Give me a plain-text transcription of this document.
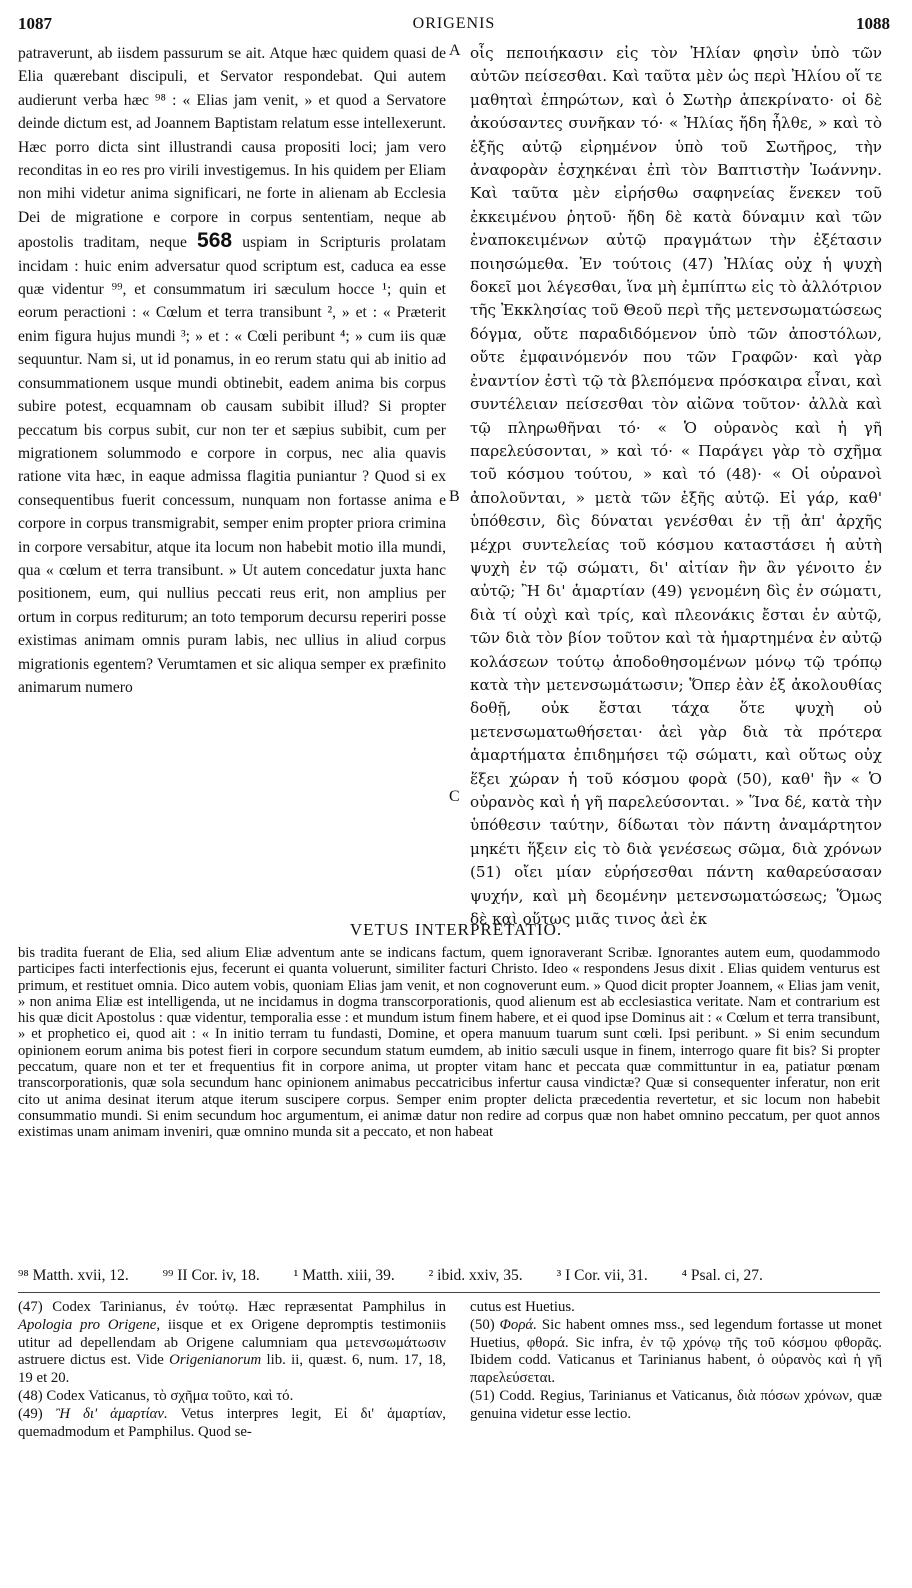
1087	ORIGENIS	1088

patraverunt, ab iisdem passurum se ait. Atque hæc quidem quasi de Elia quærebant discipuli, et Servator respondebat. Qui autem audierunt verba hæc ⁹⁸ : « Elias jam venit, » et quod a Servatore deinde dictum est, ad Joannem Baptistam relatum esse intellexerunt. Hæc porro dicta sint illustrandi causa propositi loci; jam vero reconditas in eo res pro virili investigemus. In his quidem per Eliam non mihi videtur anima significari, ne forte in alienam ab Ecclesia Dei de migratione e corpore in corpus sententiam, neque ab apostolis traditam, neque 568 uspiam in Scripturis prolatam incidam : huic enim adversatur quod scriptum est, caduca ea esse quæ videntur ⁹⁹, et consummatum iri sæculum hocce ¹; quin et eorum peractioni : « Cœlum et terra transibunt ², » et : « Præterit enim figura hujus mundi ³; » et : « Cœli peribunt ⁴; » cum iis quæ sequuntur. Nam si, ut id ponamus, in eo rerum statu qui ab initio ad consummationem usque mundi obtinebit, eadem anima bis corpus subire potest, ecquamnam ob causam subibit illud? Si propter peccatum bis corpus subit, cur non ter et sæpius subibit, cum per migrationem solummodo e corpore in corpus, nec alia quavis ratione vita hæc, in eaque admissa flagitia puniantur ? Quod si ex consequentibus fuerit concessum, nunquam non fortasse anima e corpore in corpus transmigrabit, semper enim propter priora crimina in corpore versabitur, atque ita locum non habebit motio illa mundi, qua « cœlum et terra transibunt. » Ut autem concedatur juxta hanc positionem, eum, qui nullius peccati reus erit, non amplius per ortum in corpus rediturum; an toto temporum decursu reperiri posse existimas animam omnis puram labis, nec ullius in aliud corpus migrationis egentem? Verumtamen et sic aliqua semper ex præfinito animarum numero

A
B
C

οἷς πεποιήκασιν εἰς τὸν Ἠλίαν φησὶν ὑπὸ τῶν αὐτῶν πείσεσθαι. Καὶ ταῦτα μὲν ὡς περὶ Ἠλίου οἵ τε μαθηταὶ ἐπηρώτων, καὶ ὁ Σωτὴρ ἀπεκρίνατο· οἱ δὲ ἀκούσαντες συνῆκαν τό· « Ἠλίας ἤδη ἦλθε, » καὶ τὸ ἑξῆς αὐτῷ εἰρημένον ὑπὸ τοῦ Σωτῆρος, τὴν ἀναφορὰν ἐσχηκέναι ἐπὶ τὸν Βαπτιστὴν Ἰωάννην. Καὶ ταῦτα μὲν εἰρήσθω σαφηνείας ἕνεκεν τοῦ ἐκκειμένου ῥητοῦ· ἤδη δὲ κατὰ δύναμιν καὶ τῶν ἐναποκειμένων αὐτῷ πραγμάτων τὴν ἐξέτασιν ποιησώμεθα. Ἐν τούτοις (47) Ἠλίας οὐχ ἡ ψυχὴ δοκεῖ μοι λέγεσθαι, ἵνα μὴ ἐμπίπτω εἰς τὸ ἀλλότριον τῆς Ἐκκλησίας τοῦ Θεοῦ περὶ τῆς μετενσωματώσεως δόγμα, οὔτε παραδιδόμενον ὑπὸ τῶν ἀποστόλων, οὔτε ἐμφαινόμενόν που τῶν Γραφῶν· καὶ γὰρ ἐναντίον ἐστὶ τῷ τὰ βλεπόμενα πρόσκαιρα εἶναι, καὶ συντέλειαν πείσεσθαι τὸν αἰῶνα τοῦτον· ἀλλὰ καὶ τῷ πληρωθῆναι τό· « Ὁ οὐρανὸς καὶ ἡ γῆ παρελεύσονται, » καὶ τό· « Παράγει γὰρ τὸ σχῆμα τοῦ κόσμου τούτου, » καὶ τό (48)· « Οἱ οὐρανοὶ ἀπολοῦνται, » μετὰ τῶν ἑξῆς αὐτῷ. Εἰ γάρ, καθ' ὑπόθεσιν, δὶς δύναται γενέσθαι ἐν τῇ ἀπ' ἀρχῆς μέχρι συντελείας τοῦ κόσμου καταστάσει ἡ αὐτὴ ψυχὴ ἐν τῷ σώματι, δι' αἰτίαν ἣν ἂν γένοιτο ἐν αὐτῷ; Ἢ δι' ἁμαρτίαν (49) γενομένη δὶς ἐν σώματι, διὰ τί οὐχὶ καὶ τρίς, καὶ πλεονάκις ἔσται ἐν αὐτῷ, τῶν διὰ τὸν βίον τοῦτον καὶ τὰ ἡμαρτημένα ἐν αὐτῷ κολάσεων τούτῳ ἀποδοθησομένων μόνῳ τῷ τρόπῳ κατὰ τὴν μετενσωμάτωσιν; Ὅπερ ἐὰν ἐξ ἀκολουθίας δοθῇ, οὐκ ἔσται τάχα ὅτε ψυχὴ οὐ μετενσωματωθήσεται· ἀεὶ γὰρ διὰ τὰ πρότερα ἁμαρτήματα ἐπιδημήσει τῷ σώματι, καὶ οὕτως οὐχ ἕξει χώραν ἡ τοῦ κόσμου φορὰ (50), καθ' ἣν « Ὁ οὐρανὸς καὶ ἡ γῆ παρελεύσονται. » Ἵνα δέ, κατὰ τὴν ὑπόθεσιν ταύτην, δίδωται τὸν πάντη ἀναμάρτητον μηκέτι ἥξειν εἰς τὸ διὰ γενέσεως σῶμα, διὰ χρόνων (51) οἴει μίαν εὑρήσεσθαι πάντη καθαρεύσασαν ψυχήν, καὶ μὴ δεομένην μετενσωματώσεως; Ὅμως δὲ καὶ οὕτως μιᾶς τινος ἀεὶ ἐκ

VETUS INTERPRETATIO.
bis tradita fuerant de Elia, sed alium Eliæ adventum ante se indicans factum, quem ignoraverant Scribæ. Ignorantes autem eum, quodammodo participes facti interfectionis ejus, fecerunt ei quanta voluerunt, similiter facturi Christo. Ideo « respondens Jesus dixit . Elias quidem venturus est primum, et restituet omnia. Dico autem vobis, quoniam Elias jam venit, et non cognoverunt eum. » Quod dicit propter Joannem, « Elias jam venit, » non anima Eliæ est intelligenda, ut ne incidamus in dogma transcorporationis, quod alienum est ab ecclesiastica veritate. Nam et contrarium est his quæ dicit Apostolus : quæ videntur, temporalia esse : et mundum istum finem habere, et ei quod ipse Dominus ait : « Cœlum et terra transibunt, » et prophetico ei, quod ait : « In initio terram tu fundasti, Domine, et opera manuum tuarum sunt cœli. Ipsi peribunt. » Si enim secundum opinionem eorum anima bis potest fieri in corpore secundum statum eumdem, ab initio sæculi usque in finem, interrogo quare fit bis? Si propter peccatum, quare non et ter et frequentius fit in corpore anima, ut propter vitam hanc et peccata quæ committuntur in ea, patiatur pœnam transcorporationis, quæ sola secundum hanc opinionem animabus peccatricibus infertur causa vindictæ? Quæ si consequenter inferatur, non erit cito ut anima desinat iterum atque iterum suscipere corpus. Semper enim propter delicta præcedentia revertetur, et sic locum non habebit consummatio mundi. Si enim secundum hoc argumentum, ei animæ datur non redire ad corpus quæ non habet omnino peccatum, per quot annos existimas unam animam inveniri, quæ omnino munda sit a peccato, et non habeat
⁹⁸ Matth. xvii, 12. ⁹⁹ II Cor. iv, 18. ¹ Matth. xiii, 39. ² ibid. xxiv, 35. ³ I Cor. vii, 31. ⁴ Psal. ci, 27.

(47) Codex Tarinianus, ἐν τούτῳ. Hæc repræsentat Pamphilus in Apologia pro Origene, iisque et ex Origene depromptis testimoniis utitur ad depellendam ab Origene calumniam qua μετενσωμάτωσιν astruere dictus est. Vide Origenianorum lib. ii, quæst. 6, num. 17, 18, 19 et 20.

(48) Codex Vaticanus, τὸ σχῆμα τοῦτο, καὶ τό.

(49) Ἢ δι' ἁμαρτίαν. Vetus interpres legit, Εἰ δι' ἁμαρτίαν, quemadmodum et Pamphilus. Quod se-

cutus est Huetius.

(50) Φορά. Sic habent omnes mss., sed legendum fortasse ut monet Huetius, φθορά. Sic infra, ἐν τῷ χρόνῳ τῆς τοῦ κόσμου φθορᾶς. Ibidem codd. Vaticanus et Tarinianus habent, ὁ οὐρανὸς καὶ ἡ γῆ παρελεύσεται.

(51) Codd. Regius, Tarinianus et Vaticanus, διὰ πόσων χρόνων, quæ genuina videtur esse lectio.
